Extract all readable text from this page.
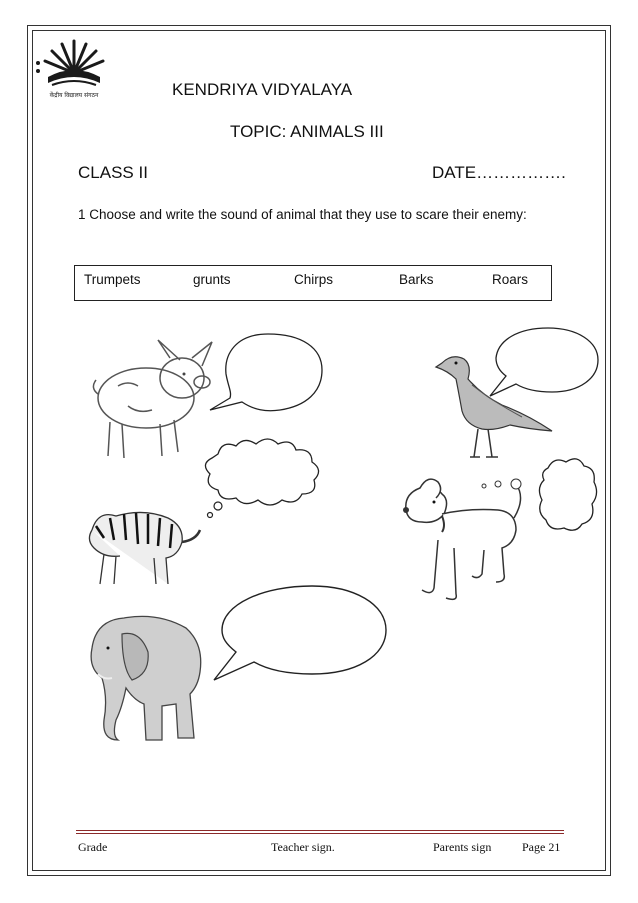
केंद्रीय विद्यालय संगठन	KENDRIYA VIDYALAYA
TOPIC: ANIMALS III
CLASS II	DATE…………….
1 Choose and write the sound of animal that they use to scare their enemy:
Trumpets	grunts	Chirps	Barks	Roars
Grade	Teacher sign.	Parents sign	Page 21
